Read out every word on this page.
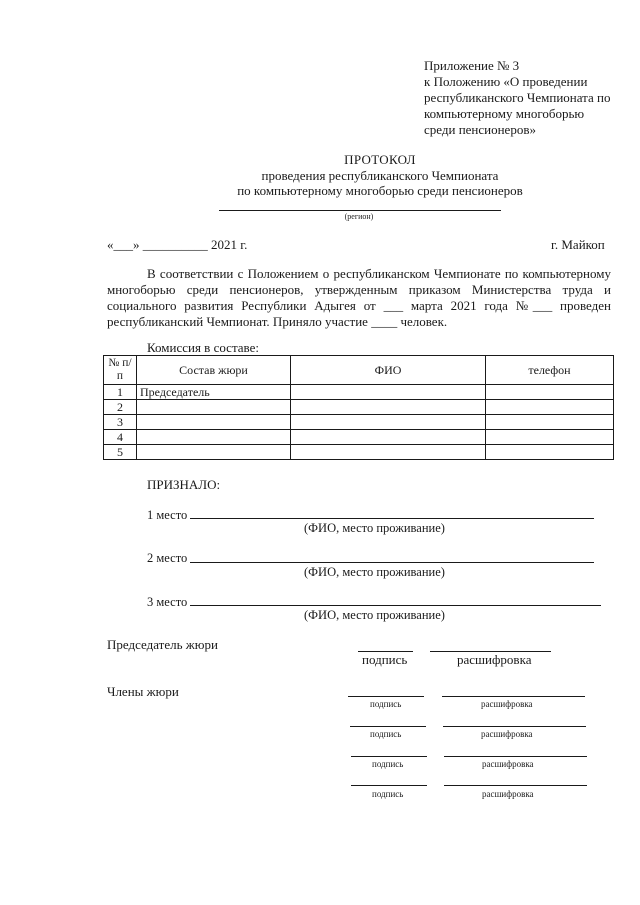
Приложение № 3
к Положению «О проведении
республиканского Чемпионата по
компьютерному многоборью
среди пенсионеров»
ПРОТОКОЛ
проведения республиканского Чемпионата
по компьютерному многоборью среди пенсионеров
(регион)
«___» __________ 2021 г.	г. Майкоп
В соответствии с Положением о республиканском Чемпионате по компьютерному
многоборью среди пенсионеров, утвержденным приказом Министерства труда и
социального развития Республики Адыгея от ___ марта 2021 года №___ проведен
республиканский Чемпионат. Приняло участие ____ человек.
Комиссия в составе:
№ п/п	Состав жюри	ФИО	телефон
1	Председатель		
2			
3			
4			
5			
ПРИЗНАЛО:
1 место
(ФИО, место проживание)
2 место
(ФИО, место проживание)
3 место
(ФИО, место проживание)
Председатель жюри
подпись	расшифровка
Члены жюри
подпись	расшифровка
подпись	расшифровка
подпись	расшифровка
подпись	расшифровка
